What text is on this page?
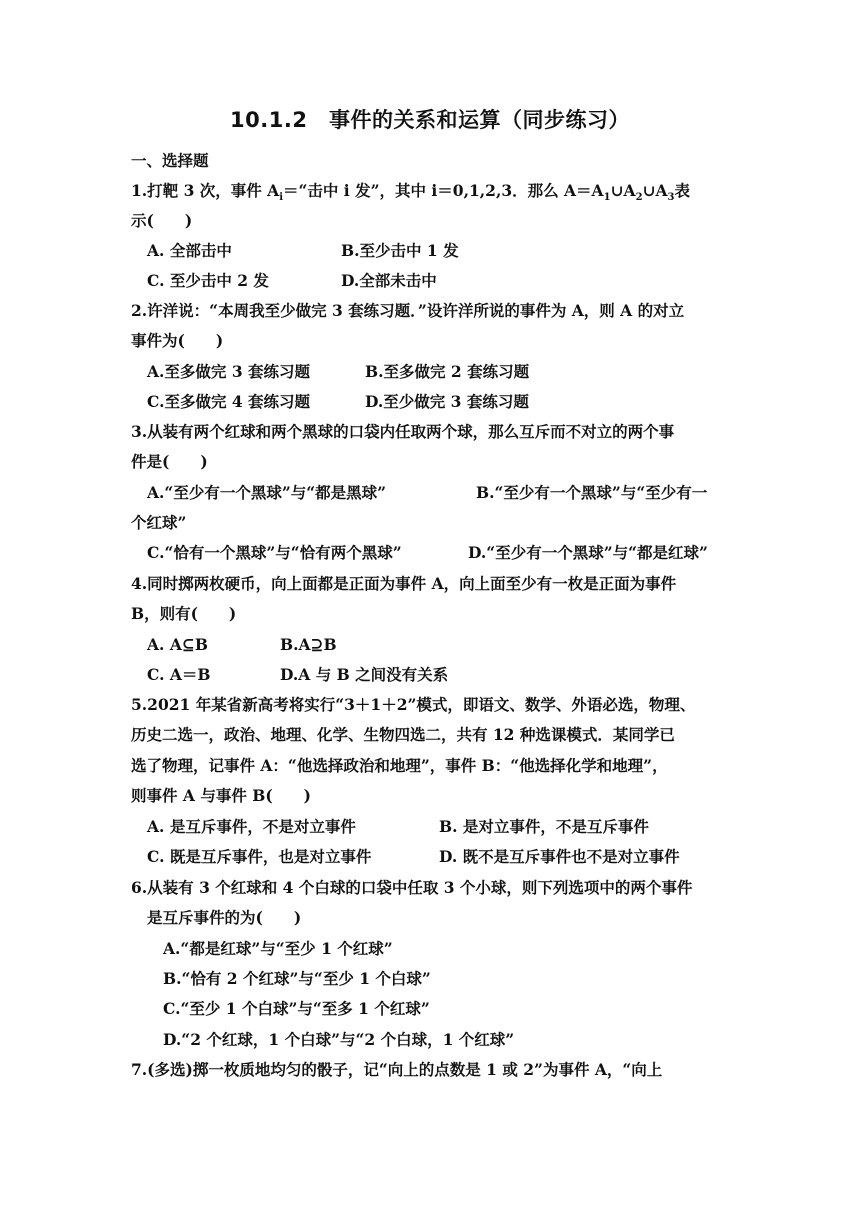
10.1.2　事件的关系和运算（同步练习）
一、选择题
1.打靶 3 次，事件 $A_i=“$击中 i 发”，其中 i＝0,1,2,3．那么 $A=A_1\cup A_2\cup A_3$表
示(　　)
A. 全部击中	B.至少击中 1 发
C. 至少击中 2 发	D.全部未击中
2.许洋说：“本周我至少做完 3 套练习题．”设许洋所说的事件为 A，则 A 的对立
事件为(　　)
A.至多做完 3 套练习题	B.至多做完 2 套练习题
C.至多做完 4 套练习题	D.至少做完 3 套练习题
3.从装有两个红球和两个黑球的口袋内任取两个球，那么互斥而不对立的两个事
件是(　　)
A.“至少有一个黑球”与“都是黑球”	B.“至少有一个黑球”与“至少有一
个红球”
C.“恰有一个黑球”与“恰有两个黑球”	D.“至少有一个黑球”与“都是红球”
4.同时掷两枚硬币，向上面都是正面为事件 A，向上面至少有一枚是正面为事件
B，则有(　　)
A. A⊆B	B.A⊇B
C. A＝B	D.A 与 B 之间没有关系
5.2021 年某省新高考将实行“3＋1＋2”模式，即语文、数学、外语必选，物理、
历史二选一，政治、地理、化学、生物四选二，共有 12 种选课模式．某同学已
选了物理，记事件 A：“他选择政治和地理”，事件 B：“他选择化学和地理”，
则事件 A 与事件 B(　　)
A. 是互斥事件，不是对立事件	B. 是对立事件，不是互斥事件
C. 既是互斥事件，也是对立事件	D. 既不是互斥事件也不是对立事件
6.从装有 3 个红球和 4 个白球的口袋中任取 3 个小球，则下列选项中的两个事件
是互斥事件的为(　　)
A.“都是红球”与“至少 1 个红球”
B.“恰有 2 个红球”与“至少 1 个白球”
C.“至少 1 个白球”与“至多 1 个红球”
D.“2 个红球，1 个白球”与“2 个白球，1 个红球”
7.(多选)掷一枚质地均匀的骰子，记“向上的点数是 1 或 2”为事件 A，“向上
